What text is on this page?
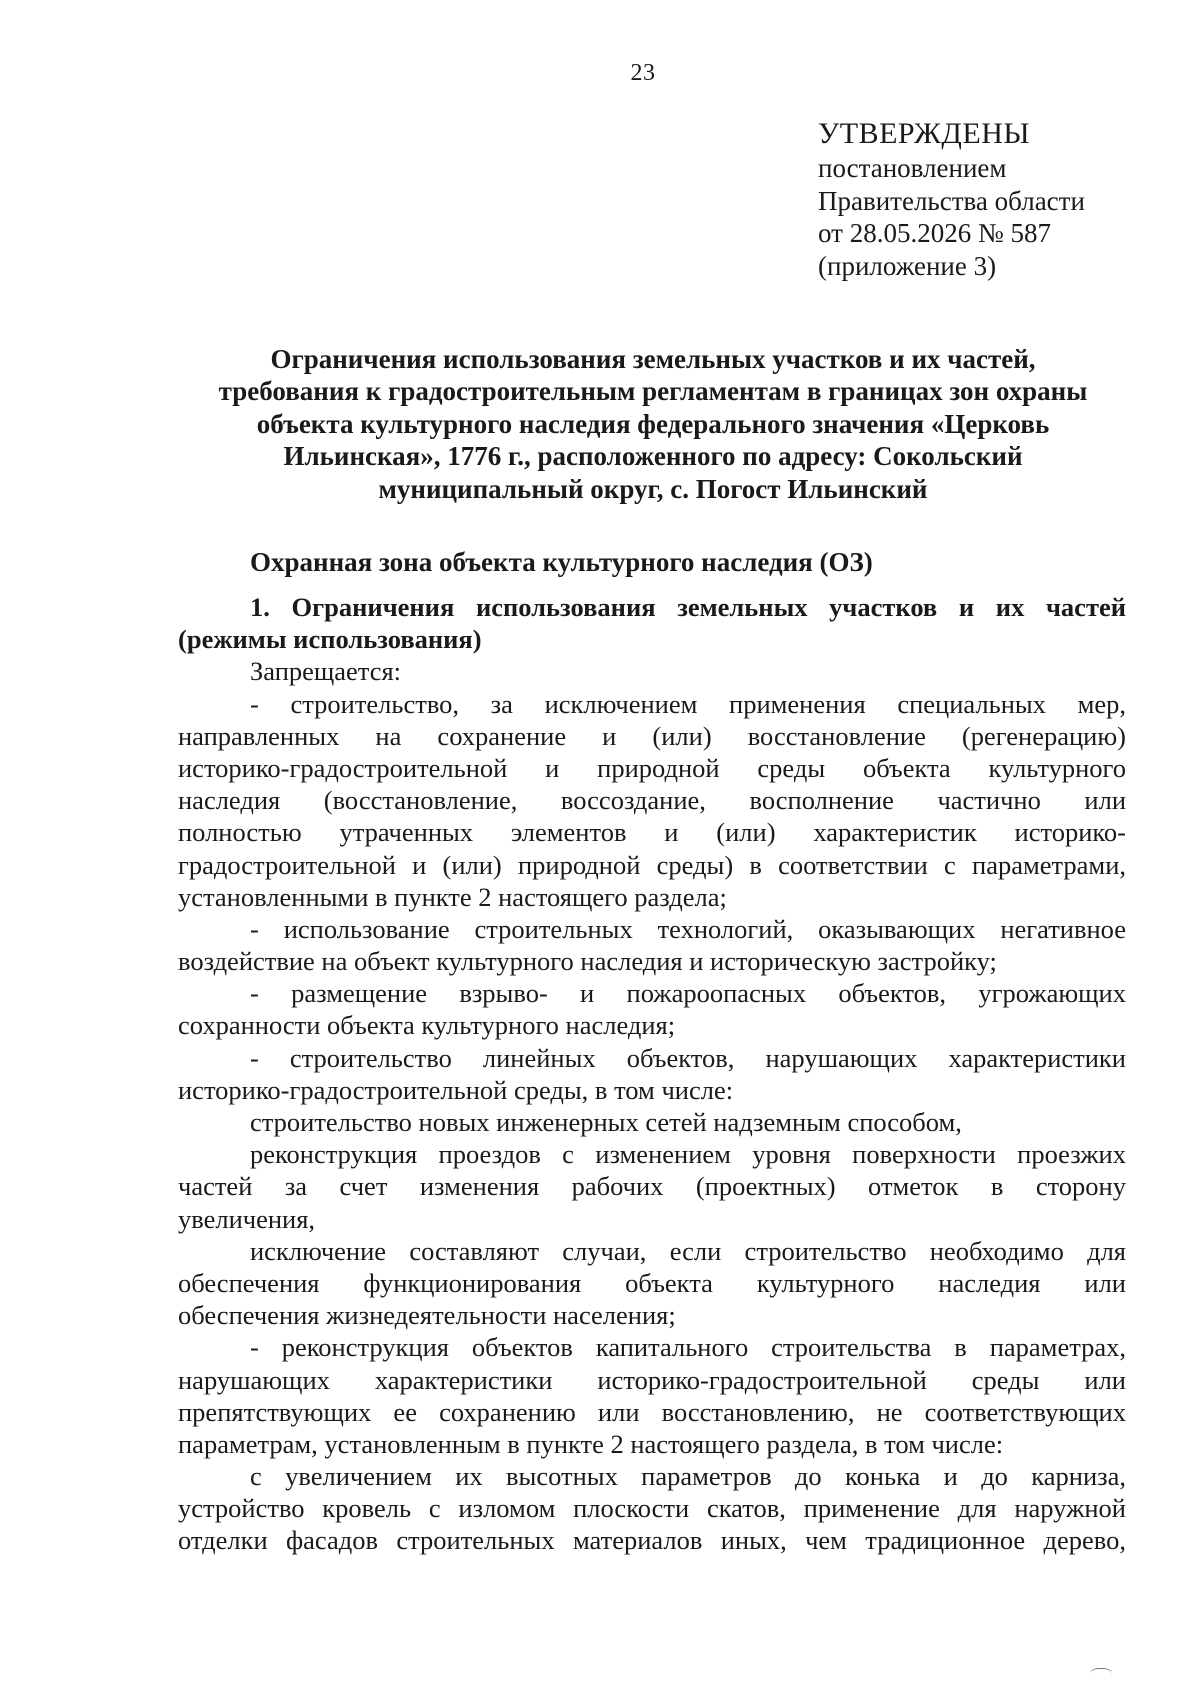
23
УТВЕРЖДЕНЫ
постановлением
Правительства области
от 28.05.2026 № 587
(приложение 3)
Ограничения использования земельных участков и их частей,
требования к градостроительным регламентам в границах зон охраны
объекта культурного наследия федерального значения «Церковь
Ильинская», 1776 г., расположенного по адресу: Сокольский
муниципальный округ, с. Погост Ильинский
Охранная зона объекта культурного наследия (ОЗ)
1. Ограничения использования земельных участков и их частей
(режимы использования)
Запрещается:
- строительство, за исключением применения специальных мер,
направленных на сохранение и (или) восстановление (регенерацию)
историко-градостроительной и природной среды объекта культурного
наследия (восстановление, воссоздание, восполнение частично или
полностью утраченных элементов и (или) характеристик историко-
градостроительной и (или) природной среды) в соответствии с параметрами,
установленными в пункте 2 настоящего раздела;
- использование строительных технологий, оказывающих негативное
воздействие на объект культурного наследия и историческую застройку;
- размещение взрыво- и пожароопасных объектов, угрожающих
сохранности объекта культурного наследия;
- строительство линейных объектов, нарушающих характеристики
историко-градостроительной среды, в том числе:
строительство новых инженерных сетей надземным способом,
реконструкция проездов с изменением уровня поверхности проезжих
частей за счет изменения рабочих (проектных) отметок в сторону
увеличения,
исключение составляют случаи, если строительство необходимо для
обеспечения функционирования объекта культурного наследия или
обеспечения жизнедеятельности населения;
- реконструкция объектов капитального строительства в параметрах,
нарушающих характеристики историко-градостроительной среды или
препятствующих ее сохранению или восстановлению, не соответствующих
параметрам, установленным в пункте 2 настоящего раздела, в том числе:
с увеличением их высотных параметров до конька и до карниза,
устройство кровель с изломом плоскости скатов, применение для наружной
отделки фасадов строительных материалов иных, чем традиционное дерево,
